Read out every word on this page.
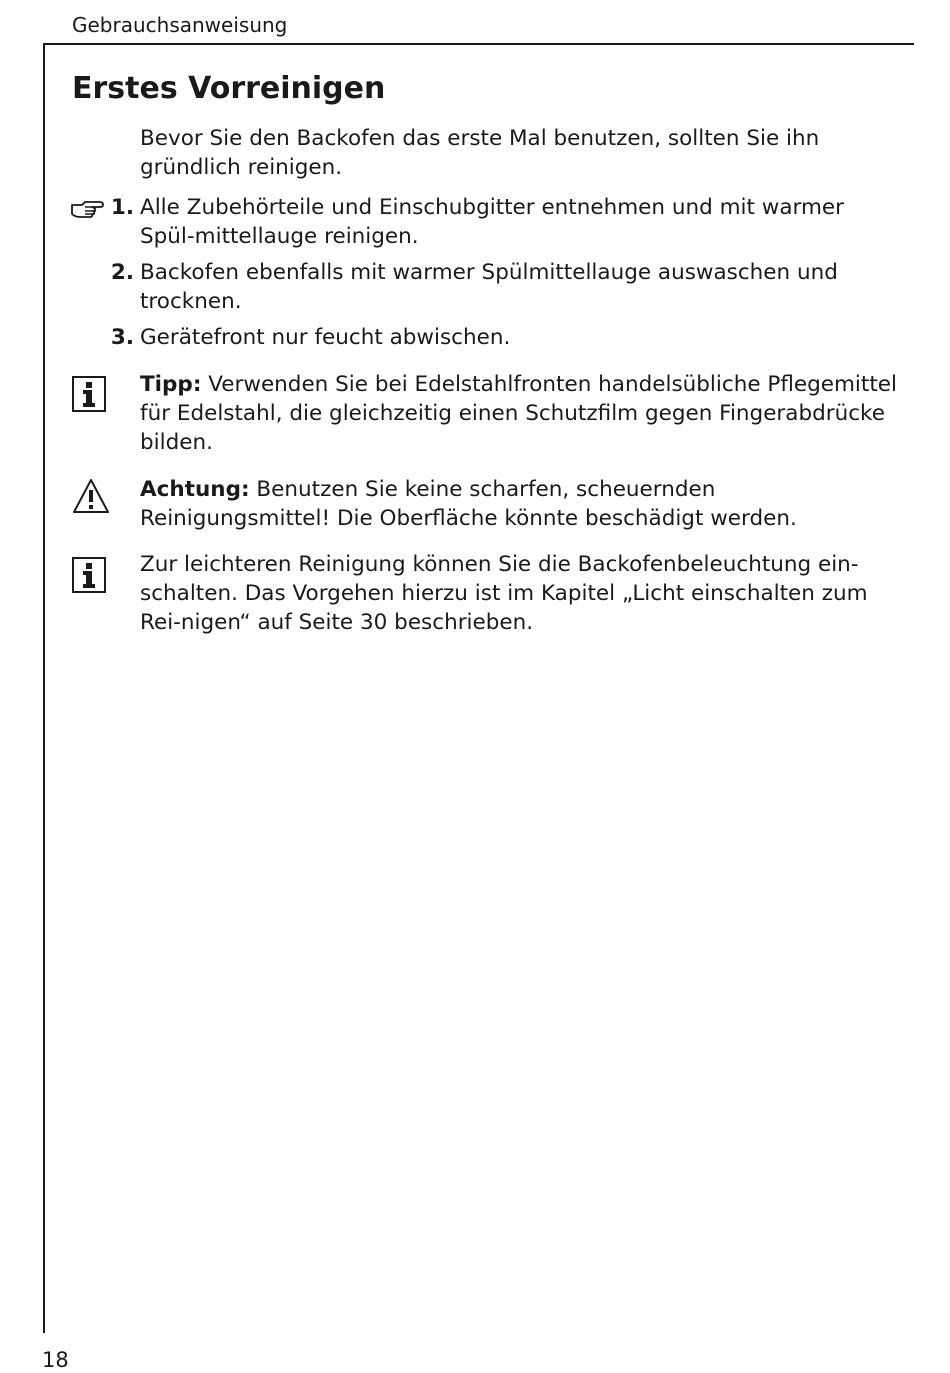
Gebrauchsanweisung
Erstes Vorreinigen

Bevor Sie den Backofen das erste Mal benutzen, sollten Sie ihn gründlich reinigen.

1. Alle Zubehörteile und Einschubgitter entnehmen und mit warmer Spül-mittellauge reinigen.

2. Backofen ebenfalls mit warmer Spülmittellauge auswaschen und trocknen.

3. Gerätefront nur feucht abwischen.

Tipp: Verwenden Sie bei Edelstahlfronten handelsübliche Pflegemittel für Edelstahl, die gleichzeitig einen Schutzfilm gegen Fingerabdrücke bilden.

Achtung: Benutzen Sie keine scharfen, scheuernden Reinigungsmittel! Die Oberfläche könnte beschädigt werden.

Zur leichteren Reinigung können Sie die Backofenbeleuchtung ein-schalten. Das Vorgehen hierzu ist im Kapitel „Licht einschalten zum Rei-nigen“ auf Seite 30 beschrieben.

18
